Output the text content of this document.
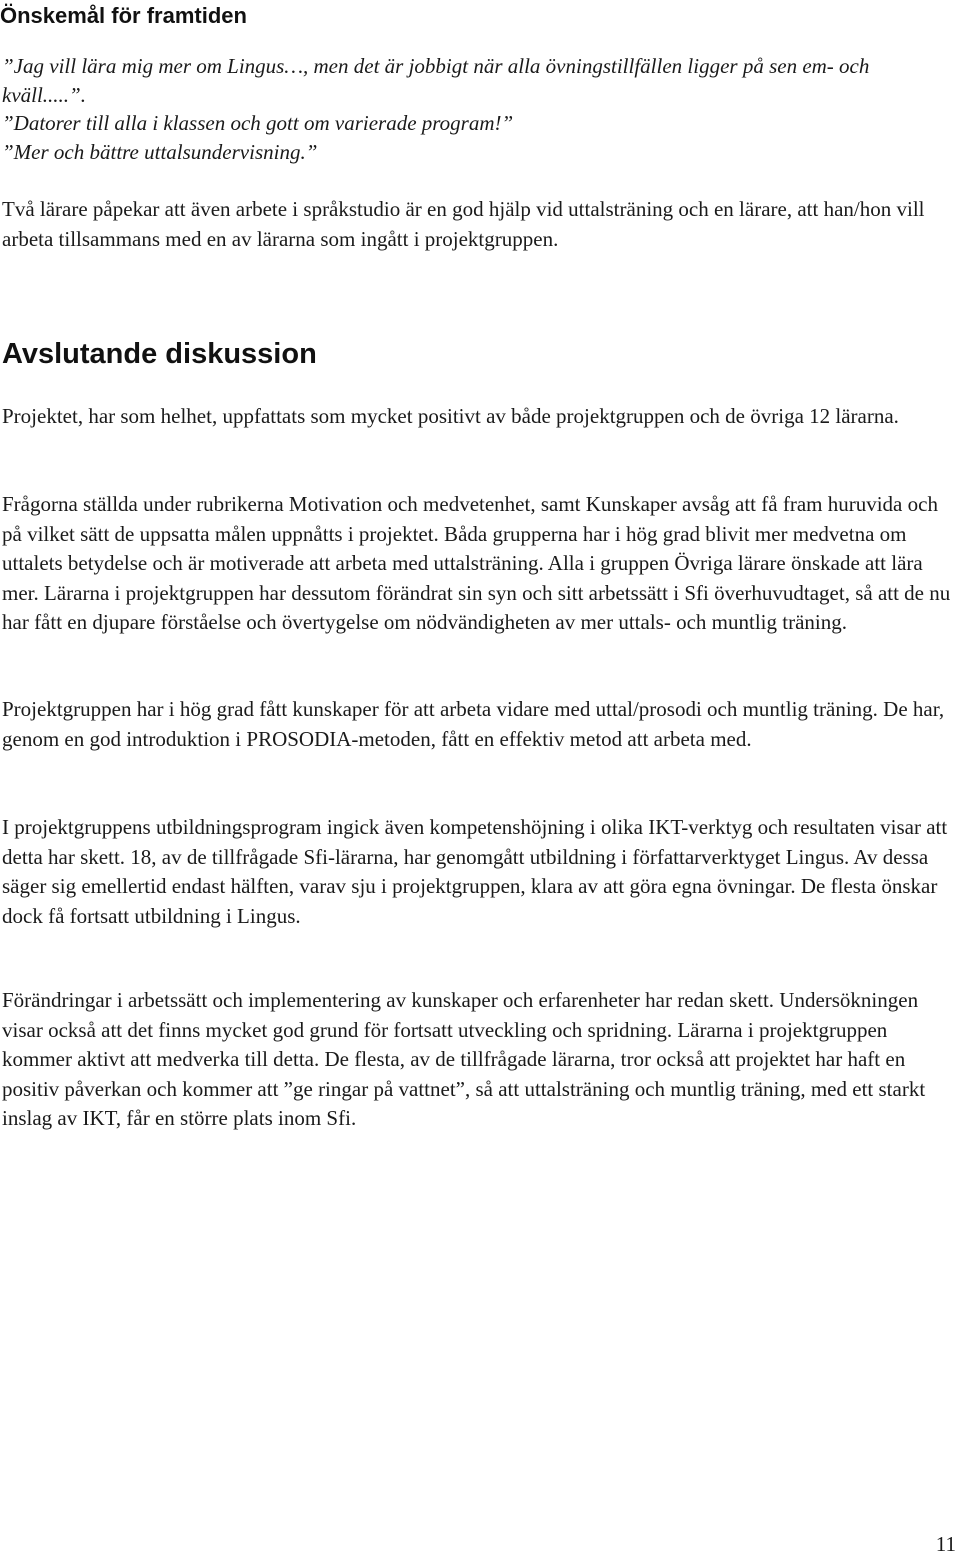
Önskemål för framtiden
”Jag vill lära mig mer om Lingus…, men det är jobbigt när alla övningstillfällen ligger på sen em- och kväll.....”.
”Datorer till alla i klassen och gott om varierade program!”
”Mer och bättre uttalsundervisning.”

Två lärare påpekar att även arbete i språkstudio är en god hjälp vid uttalsträning och en lärare, att han/hon vill arbeta tillsammans med en av lärarna som ingått i projektgruppen.

Avslutande diskussion

Projektet, har som helhet, uppfattats som mycket positivt av både projektgruppen och de övriga 12 lärarna.

Frågorna ställda under rubrikerna Motivation och medvetenhet, samt Kunskaper avsåg att få fram huruvida och på vilket sätt de uppsatta målen uppnåtts i projektet. Båda grupperna har i hög grad blivit mer medvetna om uttalets betydelse och är motiverade att arbeta med uttalsträning. Alla i gruppen Övriga lärare önskade att lära mer. Lärarna i projektgruppen har dessutom förändrat sin syn och sitt arbetssätt i Sfi överhuvudtaget, så att de nu har fått en djupare förståelse och övertygelse om nödvändigheten av mer uttals- och muntlig träning.

Projektgruppen har i hög grad fått kunskaper för att arbeta vidare med uttal/prosodi och muntlig träning. De har, genom en god introduktion i PROSODIA-metoden, fått en effektiv metod att arbeta med.

I projektgruppens utbildningsprogram ingick även kompetenshöjning i olika IKT-verktyg och resultaten visar att detta har skett. 18, av de tillfrågade Sfi-lärarna, har genomgått utbildning i författarverktyget Lingus. Av dessa säger sig emellertid endast hälften, varav sju i projektgruppen, klara av att göra egna övningar. De flesta önskar dock få fortsatt utbildning i Lingus.

Förändringar i arbetssätt och implementering av kunskaper och erfarenheter har redan skett. Undersökningen visar också att det finns mycket god grund för fortsatt utveckling och spridning. Lärarna i projektgruppen kommer aktivt att medverka till detta. De flesta, av de tillfrågade lärarna, tror också att projektet har haft en positiv påverkan och kommer att ”ge ringar på vattnet”, så att uttalsträning och muntlig träning, med ett starkt inslag av IKT, får en större plats inom Sfi.

11
